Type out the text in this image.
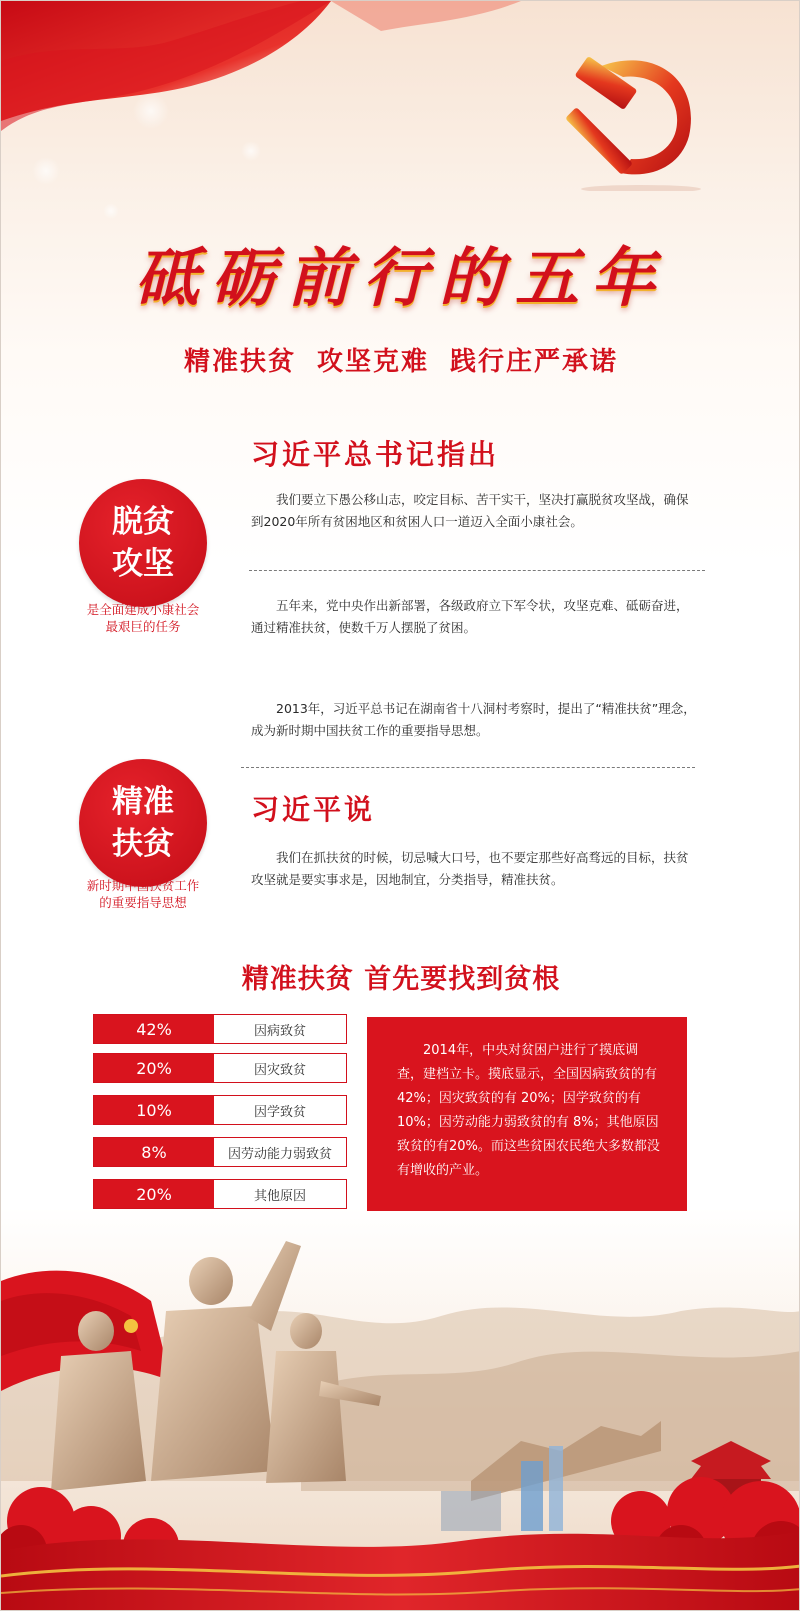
砥砺前行的五年
精准扶贫 攻坚克难 践行庄严承诺
习近平总书记指出
脱贫
攻坚
是全面建成小康社会
最艰巨的任务
我们要立下愚公移山志，咬定目标、苦干实干，坚决打赢脱贫攻坚战，确保到2020年所有贫困地区和贫困人口一道迈入全面小康社会。
五年来，党中央作出新部署，各级政府立下军令状，攻坚克难、砥砺奋进，通过精准扶贫，使数千万人摆脱了贫困。
2013年，习近平总书记在湖南省十八洞村考察时，提出了“精准扶贫”理念，成为新时期中国扶贫工作的重要指导思想。
精准
扶贫
新时期中国扶贫工作
的重要指导思想
习近平说
我们在抓扶贫的时候，切忌喊大口号，也不要定那些好高骛远的目标，扶贫攻坚就是要实事求是，因地制宜，分类指导，精准扶贫。
精准扶贫 首先要找到贫根
42%	因病致贫
20%	因灾致贫
10%	因学致贫
8%	因劳动能力弱致贫
20%	其他原因
2014年，中央对贫困户进行了摸底调查，建档立卡。摸底显示，全国因病致贫的有42%；因灾致贫的有 20%；因学致贫的有 10%；因劳动能力弱致贫的有 8%；其他原因致贫的有20%。而这些贫困农民绝大多数都没有增收的产业。
